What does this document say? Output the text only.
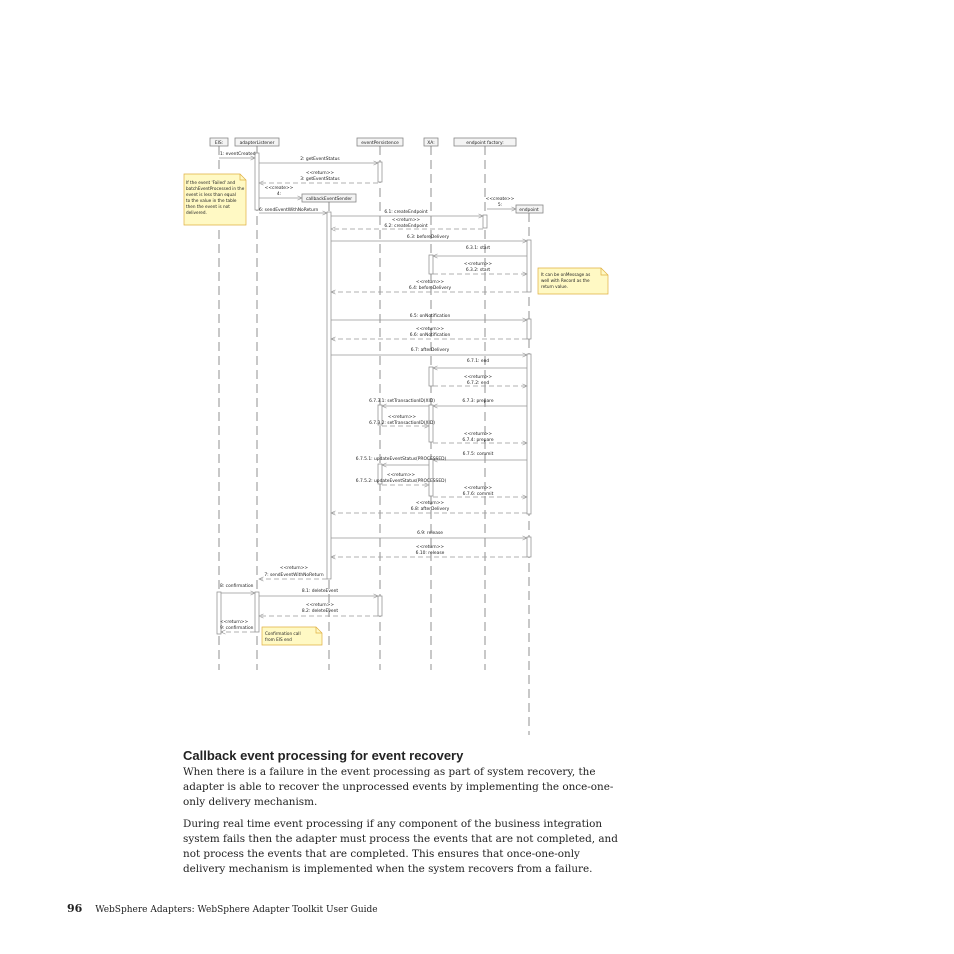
EIS:	adapterListener	eventPersistence	XA:	endpoint factory:
callbackEventSender
endpoint
1: eventCreated
2: getEventStatus
<<return>>
3: getEventStatus
<<create>>
4:
6: sendEventWithNoReturn	6.1: createEndpoint
<<return>>
6.2: createEndpoint
6.3: beforeDelivery
<<create>>
5:
6.3.1: start
<<return>>
6.3.2: start
<<return>>
6.4: beforeDelivery
6.5: onNotification
<<return>>
6.6: onNotification
6.7: afterDelivery
6.7.1: end
<<return>>
6.7.2: end
6.7.3: prepare
6.7.3.1: setTransactionID(XID)
<<return>>
6.7.3.2: setTransactionID(XID)
<<return>>
6.7.4: prepare
6.7.5: commit
6.7.5.1: updateEventStatus(PROCESSED)
<<return>>
6.7.5.2: updateEventStatus(PROCESSED)
<<return>>
6.7.6: commit
<<return>>
6.8: afterDelivery
6.9: release
<<return>>
6.10: release
<<return>>
7: sendEventWithNoReturn
8: confirmation
8.1: deleteEvent
<<return>>
8.2: deleteEvent
<<return>>
9: confirmation
If the event 'Failed' and
batchEventProcessed in the
event is less than equal
to the value in the table
then the event is not
delivered.
It can be onMessage as
well with Record as the
return value.
Confirmation call
from EIS end
Callback event processing for event recovery

When there is a failure in the event processing as part of system recovery, the adapter is able to recover the unprocessed events by implementing the once-one-only delivery mechanism.

During real time event processing if any component of the business integration system fails then the adapter must process the events that are not completed, and not process the events that are completed. This ensures that once-one-only delivery mechanism is implemented when the system recovers from a failure.

96 WebSphere Adapters: WebSphere Adapter Toolkit User Guide
